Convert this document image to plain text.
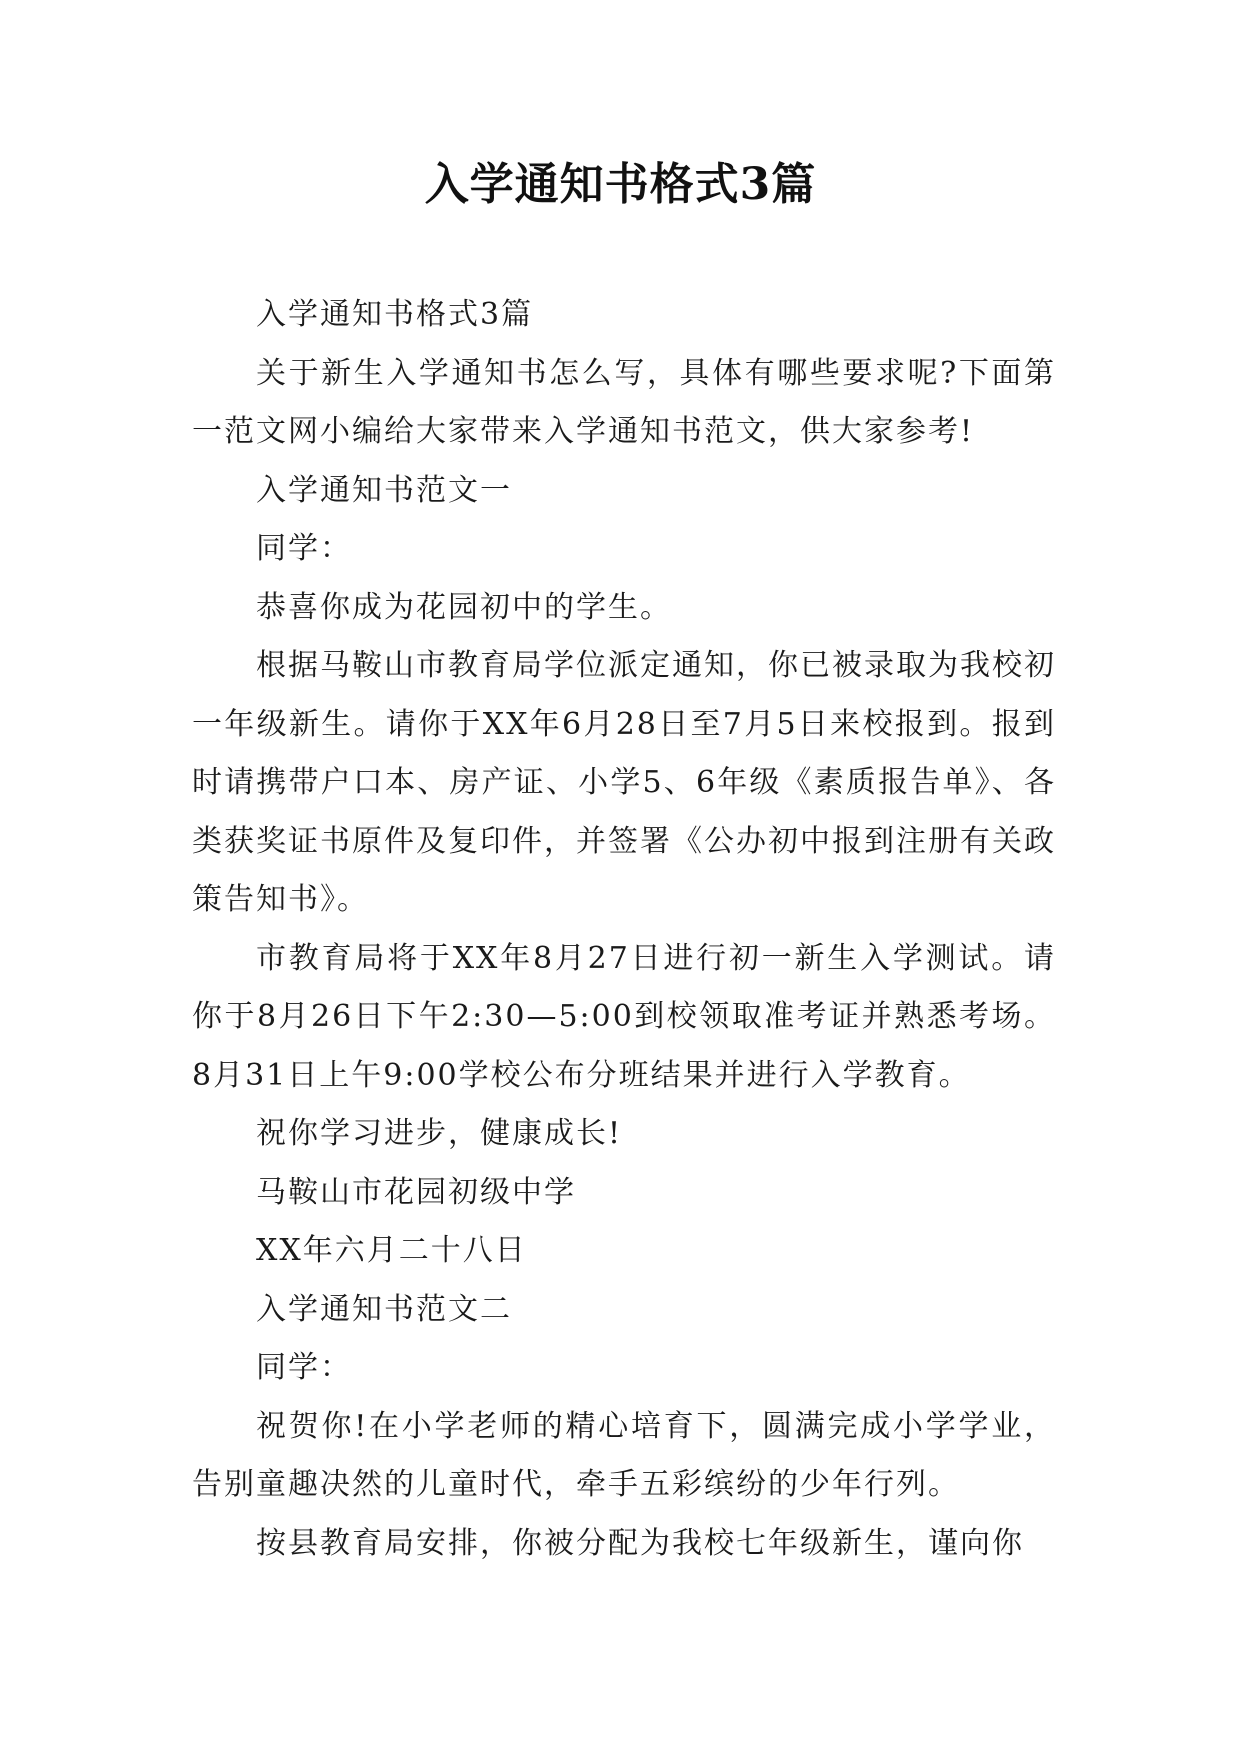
入学通知书格式3篇

入学通知书格式3篇

关于新生入学通知书怎么写，具体有哪些要求呢?下面第一范文网小编给大家带来入学通知书范文，供大家参考!

入学通知书范文一

同学：

恭喜你成为花园初中的学生。

根据马鞍山市教育局学位派定通知，你已被录取为我校初一年级新生。请你于XX年6月28日至7月5日来校报到。报到时请携带户口本、房产证、小学5、6年级《素质报告单》、各类获奖证书原件及复印件，并签署《公办初中报到注册有关政策告知书》。

市教育局将于XX年8月27日进行初一新生入学测试。请你于8月26日下午2:30—5:00到校领取准考证并熟悉考场。8月31日上午9:00学校公布分班结果并进行入学教育。

祝你学习进步，健康成长!

马鞍山市花园初级中学

XX年六月二十八日

入学通知书范文二

同学：

祝贺你!在小学老师的精心培育下，圆满完成小学学业，告别童趣决然的儿童时代，牵手五彩缤纷的少年行列。

按县教育局安排，你被分配为我校七年级新生，谨向你
